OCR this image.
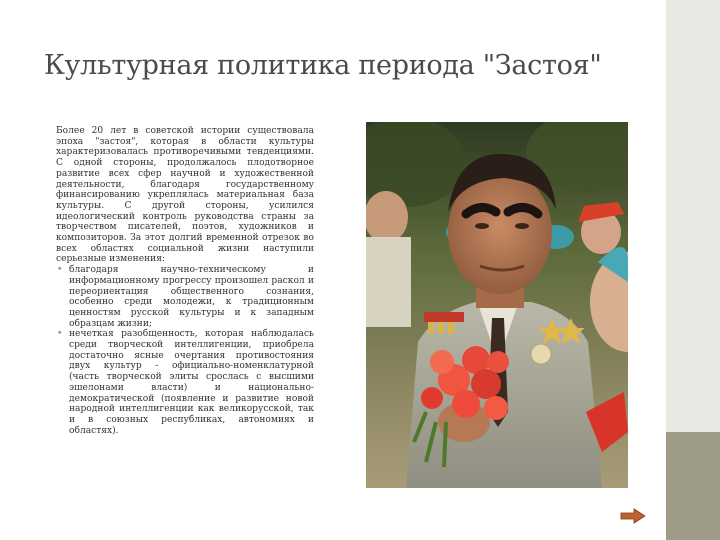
Культурная политика периода "Застоя"

Более 20 лет в советской истории существовала эпоха "застоя", которая в области культуры характеризовалась противоречивыми тенденциями. С одной стороны, продолжалось плодотворное развитие всех сфер научной и художественной деятельности, благодаря государственному финансированию укреплялась материальная база культуры. С другой стороны, усилился идеологический контроль руководства страны за творчеством писателей, поэтов, художников и композиторов. За этот долгий временной отрезок во всех областях социальной жизни наступили серьезные изменения:

• благодаря научно-техническому и информационному прогрессу произошел раскол и переориентация общественного сознания, особенно среди молодежи, к традиционным ценностям русской культуры и к западным образцам жизни;
• нечеткая разобщенность, которая наблюдалась среди творческой интеллигенции, приобрела достаточно ясные очертания противостояния двух культур - официально-номенклатурной (часть творческой элиты срослась с высшими эшелонами власти) и национально-демократической (появление и развитие новой народной интеллигенции как великорусской, так и в союзных республиках, автономиях и областях).
